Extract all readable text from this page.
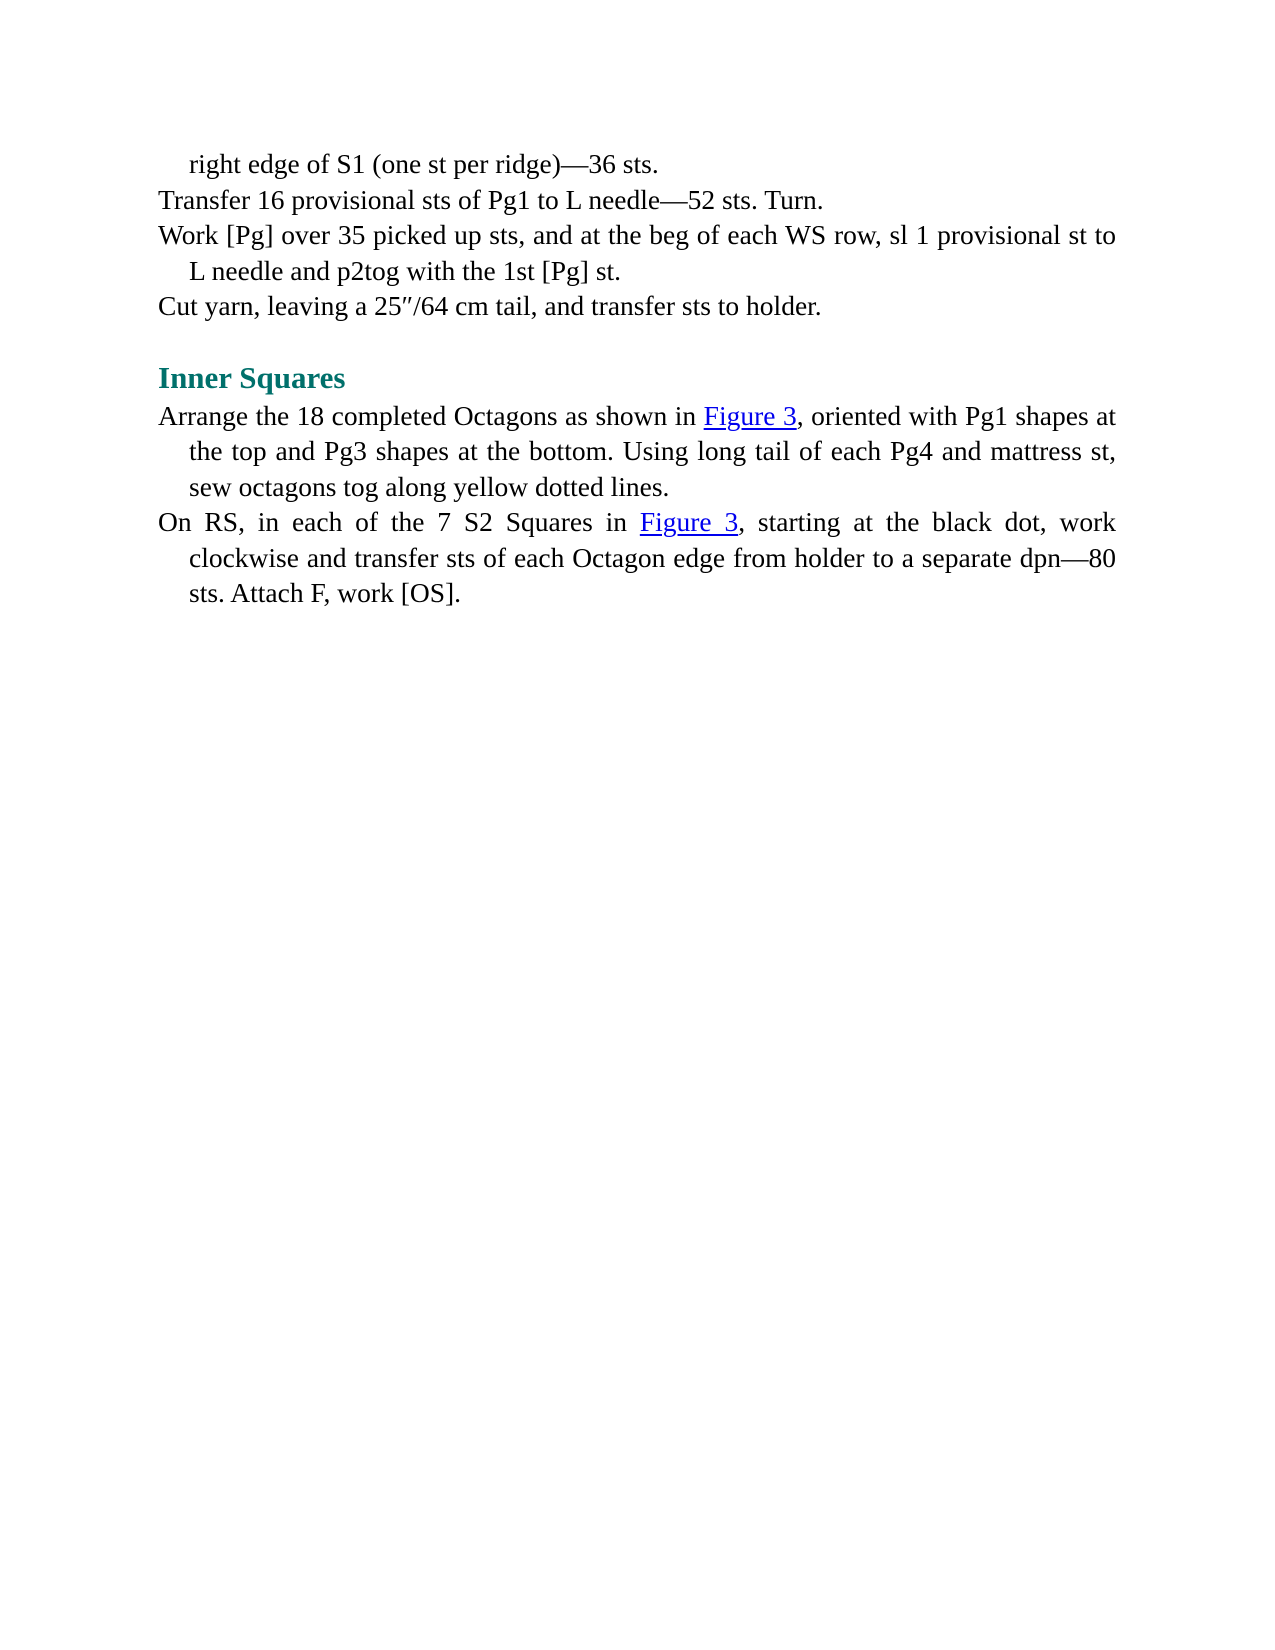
right edge of S1 (one st per ridge)—36 sts.

Transfer 16 provisional sts of Pg1 to L needle—52 sts. Turn.

Work [Pg] over 35 picked up sts, and at the beg of each WS row, sl 1 provisional st to L needle and p2tog with the 1st [Pg] st.

Cut yarn, leaving a 25″/64 cm tail, and transfer sts to holder.

Inner Squares

Arrange the 18 completed Octagons as shown in Figure 3, oriented with Pg1 shapes at the top and Pg3 shapes at the bottom. Using long tail of each Pg4 and mattress st, sew octagons tog along yellow dotted lines.

On RS, in each of the 7 S2 Squares in Figure 3, starting at the black dot, work clockwise and transfer sts of each Octagon edge from holder to a separate dpn—80 sts. Attach F, work [OS].
